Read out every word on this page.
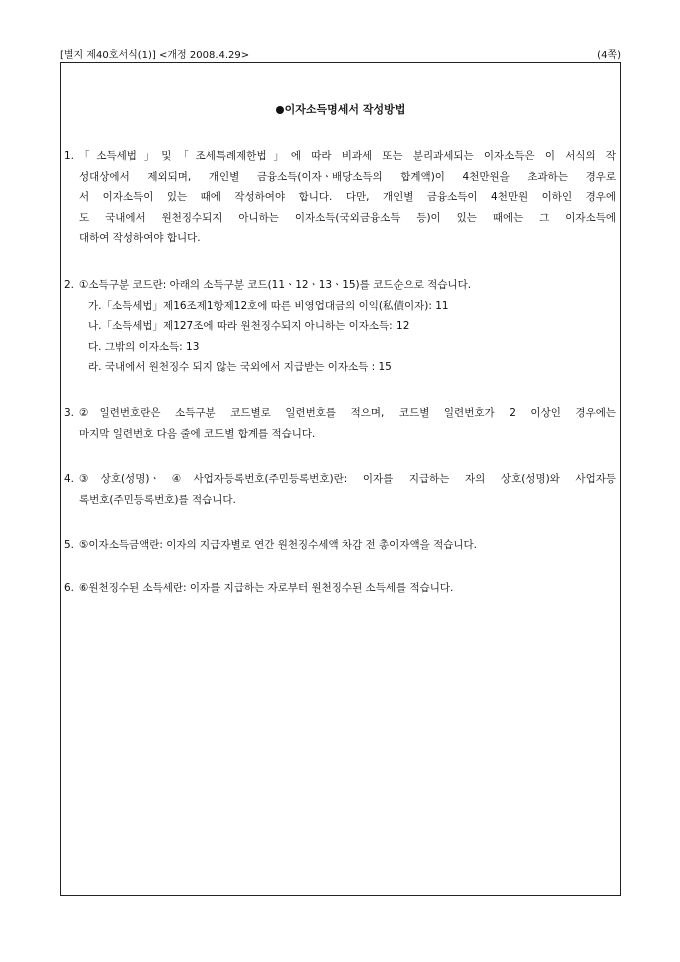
[별지 제40호서식(1)] <개정 2008.4.29>	(4쪽)
이자소득명세서 작성방법
1. 「소득세법」및「조세특례제한법」에 따라 비과세 또는 분리과세되는 이자소득은 이 서식의 작
성대상에서 제외되며, 개인별 금융소득(이자ㆍ배당소득의 합계액)이 4천만원을 초과하는 경우로
서 이자소득이 있는 때에 작성하여야 합니다. 다만, 개인별 금융소득이 4천만원 이하인 경우에
도 국내에서 원천징수되지 아니하는 이자소득(국외금융소득 등)이 있는 때에는 그 이자소득에
대하여 작성하여야 합니다.
2. ①소득구분 코드란: 아래의 소득구분 코드(11ㆍ12ㆍ13ㆍ15)를 코드순으로 적습니다.
가.「소득세법」제16조제1항제12호에 따른 비영업대금의 이익(私債이자): 11
나.「소득세법」제127조에 따라 원천징수되지 아니하는 이자소득: 12
다. 그밖의 이자소득: 13
라. 국내에서 원천징수 되지 않는 국외에서 지급받는 이자소득 : 15
3. ②일련번호란은 소득구분 코드별로 일련번호를 적으며, 코드별 일련번호가 2 이상인 경우에는
마지막 일련번호 다음 줄에 코드별 합계를 적습니다.
4. ③상호(성명)ㆍ④사업자등록번호(주민등록번호)란: 이자를 지급하는 자의 상호(성명)와 사업자등
록번호(주민등록번호)를 적습니다.
5. ⑤이자소득금액란: 이자의 지급자별로 연간 원천징수세액 차감 전 총이자액을 적습니다.
6. ⑥원천징수된 소득세란: 이자를 지급하는 자로부터 원천징수된 소득세를 적습니다.
